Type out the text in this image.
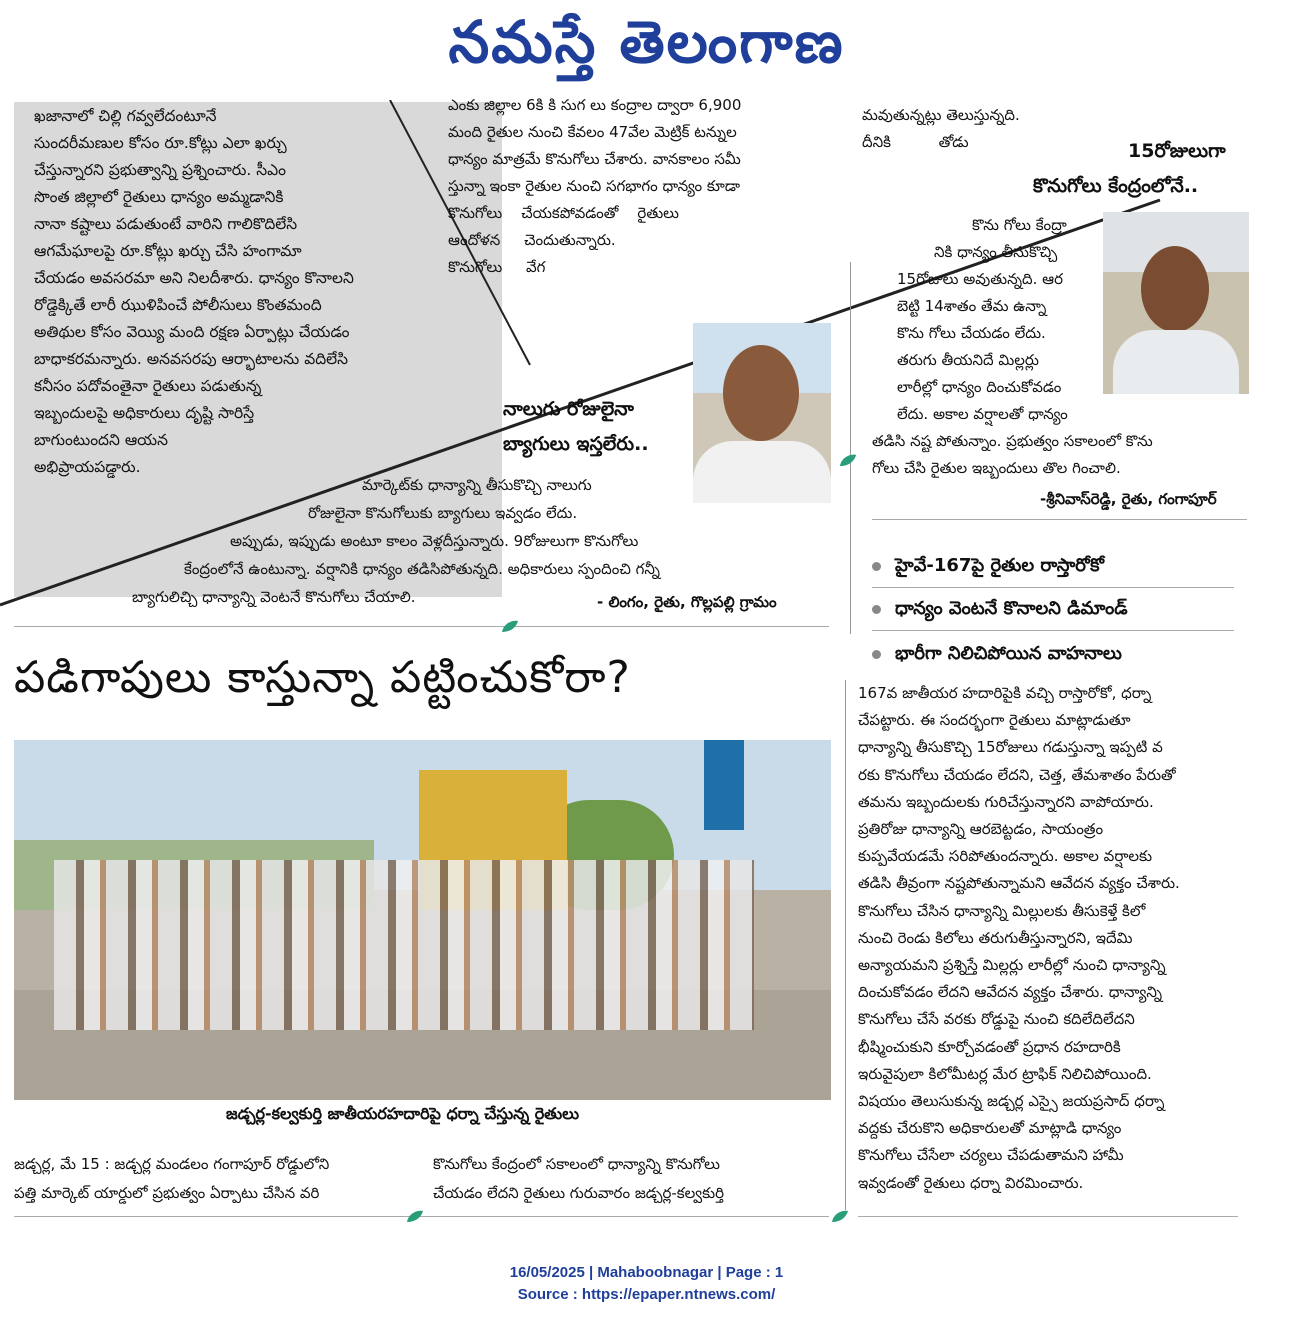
నమస్తే తెలంగాణ

ఖజానాలో చిల్లి గవ్వలేదంటూనే

సుందరీమణుల కోసం రూ.కోట్లు ఎలా ఖర్చు

చేస్తున్నారని ప్రభుత్వాన్ని ప్రశ్నించారు. సీఎం

సొంత జిల్లాలో రైతులు ధాన్యం అమ్మడానికి

నానా కష్టాలు పడుతుంటే వారిని గాలికొదిలేసి

ఆగమేఘాలపై రూ.కోట్లు ఖర్చు చేసి హంగామా

చేయడం అవసరమా అని నిలదీశారు. ధాన్యం కొనాలని

రోడ్డెక్కితే లారీ ఝుళిపించే పోలీసులు కొంతమంది

అతిథుల కోసం వెయ్యి మంది రక్షణ ఏర్పాట్లు చేయడం

బాధాకరమన్నారు. అనవసరపు ఆర్భాటాలను వదిలేసి

కనీసం పదోవంతైనా రైతులు పడుతున్న

ఇబ్బందులపై అధికారులు దృష్టి సారిస్తే

బాగుంటుందని ఆయన

అభిప్రాయపడ్డారు.

ఎంకు జిల్లాల 6కి కి సుగ లు కంద్రాల ద్వారా 6,900

మంది రైతుల నుంచి కేవలం 47వేల మెట్రిక్ టన్నుల

ధాన్యం మాత్రమే కొనుగోలు చేశారు. వానకాలం సమీ

స్తున్నా ఇంకా రైతుల నుంచి సగభాగం ధాన్యం కూడా

కొనుగోలు    చేయకపోవడంతో    రైతులు

ఆందోళన     చెందుతున్నారు.

కొనుగోలు     వేగ

మవుతున్నట్లు తెలుస్తున్నది.

దీనికి          తోడు	15రోజులుగా
కొనుగోలు కేంద్రంలోనే..

కొను గోలు కేంద్రా

నికి ధాన్యం తీసుకొచ్చి

15రోజులు అవుతున్నది. ఆర

బెట్టి 14శాతం తేమ ఉన్నా

కొను గోలు చేయడం లేదు.

తరుగు తీయనిదే మిల్లర్లు

లారీల్లో ధాన్యం దించుకోవడం

లేదు. అకాల వర్షాలతో ధాన్యం

తడిసి నష్ట పోతున్నాం. ప్రభుత్వం సకాలంలో కొను

గోలు చేసి రైతుల ఇబ్బందులు తొల గించాలి.

-శ్రీనివాస్‌రెడ్డి, రైతు, గంగాపూర్
నాలుగు రోజులైనా
బ్యాగులు ఇస్తలేరు..

మార్కెట్‌కు ధాన్యాన్ని తీసుకొచ్చి నాలుగు

రోజులైనా కొనుగోలుకు బ్యాగులు ఇవ్వడం లేదు.

అప్పుడు, ఇప్పుడు అంటూ కాలం వెళ్లదీస్తున్నారు. 9రోజులుగా కొనుగోలు

కేంద్రంలోనే ఉంటున్నా. వర్షానికి ధాన్యం తడిసిపోతున్నది. అధికారులు స్పందించి గన్నీ

బ్యాగులిచ్చి ధాన్యాన్ని వెంటనే కొనుగోలు చేయాలి.	- లింగం, రైతు, గొల్లపల్లి గ్రామం
హైవే-167పై రైతుల రాస్తారోకో
ధాన్యం వెంటనే కొనాలని డిమాండ్
భారీగా నిలిచిపోయిన వాహనాలు

167వ జాతీయర హదారిపైకి వచ్చి రాస్తారోకో, ధర్నా

చేపట్టారు. ఈ సందర్భంగా రైతులు మాట్లాడుతూ

ధాన్యాన్ని తీసుకొచ్చి 15రోజులు గడుస్తున్నా ఇప్పటి వ

రకు కొనుగోలు చేయడం లేదని, చెత్త, తేమశాతం పేరుతో

తమను ఇబ్బందులకు గురిచేస్తున్నారని వాపోయారు.

ప్రతిరోజు ధాన్యాన్ని ఆరబెట్టడం, సాయంత్రం

కుప్పవేయడమే సరిపోతుందన్నారు. అకాల వర్షాలకు

తడిసి తీవ్రంగా నష్టపోతున్నామని ఆవేదన వ్యక్తం చేశారు.

కొనుగోలు చేసిన ధాన్యాన్ని మిల్లులకు తీసుకెళ్తే కిలో

నుంచి రెండు కిలోలు తరుగుతీస్తున్నారని, ఇదేమి

అన్యాయమని ప్రశ్నిస్తే మిల్లర్లు లారీల్లో నుంచి ధాన్యాన్ని

దించుకోవడం లేదని ఆవేదన వ్యక్తం చేశారు. ధాన్యాన్ని

కొనుగోలు చేసే వరకు రోడ్డుపై నుంచి కదిలేదిలేదని

భీష్మించుకుని కూర్చోవడంతో ప్రధాన రహదారికి

ఇరువైపులా కిలోమీటర్ల మేర ట్రాఫిక్ నిలిచిపోయింది.

విషయం తెలుసుకున్న జడ్చర్ల ఎస్సై జయప్రసాద్ ధర్నా

వద్దకు చేరుకొని అధికారులతో మాట్లాడి ధాన్యం

కొనుగోలు చేసేలా చర్యలు చేపడుతామని హామీ

ఇవ్వడంతో రైతులు ధర్నా విరమించారు.

పడిగాపులు కాస్తున్నా పట్టించుకోరా?
జడ్చర్ల-కల్వకుర్తి జాతీయరహదారిపై ధర్నా చేస్తున్న రైతులు

జడ్చర్ల, మే 15 : జడ్చర్ల మండలం గంగాపూర్ రోడ్డులోని

పత్తి మార్కెట్ యార్డులో ప్రభుత్వం ఏర్పాటు చేసిన వరి

కొనుగోలు కేంద్రంలో సకాలంలో ధాన్యాన్ని కొనుగోలు

చేయడం లేదని రైతులు గురువారం జడ్చర్ల-కల్వకుర్తి

16/05/2025 | Mahaboobnagar | Page : 1
Source : https://epaper.ntnews.com/
